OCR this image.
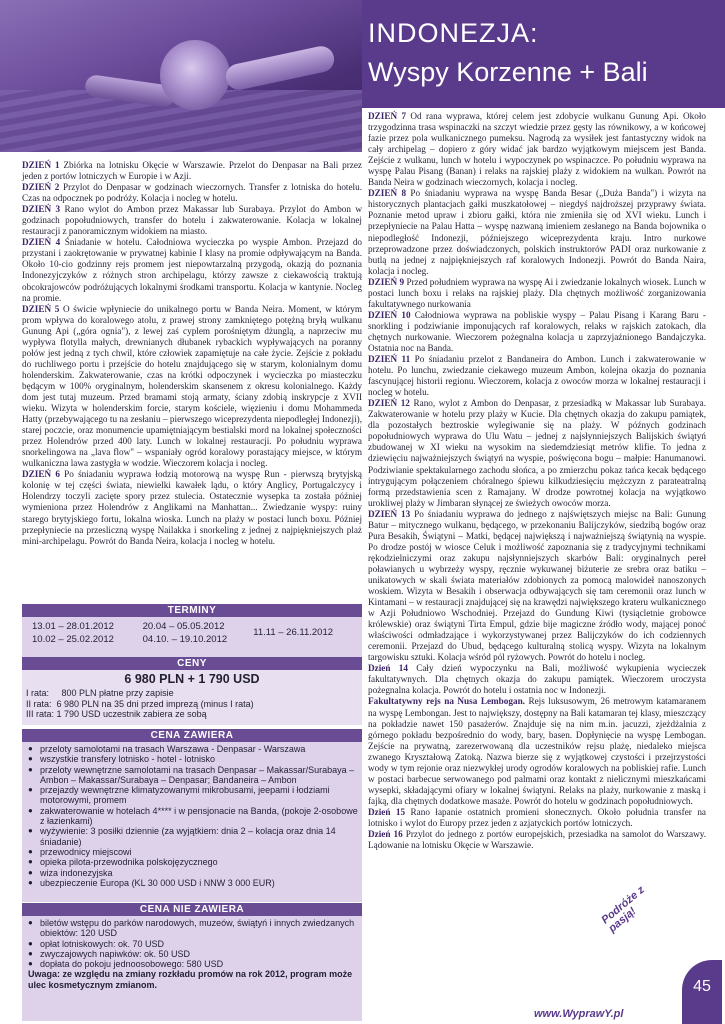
INDONEZJA:
Wyspy Korzenne + Bali

DZIEŃ 1 Zbiórka na lotnisku Okęcie w Warszawie. Przelot do Denpasar na Bali przez jeden z portów lotniczych w Europie i w Azji.

DZIEŃ 2 Przylot do Denpasar w godzinach wieczornych. Transfer z lotniska do hotelu. Czas na odpocznek po podróży. Kolacja i nocleg w hotelu.

DZIEŃ 3 Rano wylot do Ambon przez Makassar lub Surabaya. Przylot do Ambon w godzinach popołudniowych, transfer do hotelu i zakwaterowanie. Kolacja w lokalnej restauracji z panoramicznym widokiem na miasto.

DZIEŃ 4 Śniadanie w hotelu. Całodniowa wycieczka po wyspie Ambon. Przejazd do przystani i zaokrętowanie w prywatnej kabinie I klasy na promie odpływającym na Banda. Około 10-cio godzinny rejs promem jest niepowtarzalną przygodą, okazją do poznania Indonezyjczyków z różnych stron archipelagu, którzy zawsze z ciekawością traktują obcokrajowców podróżujących lokalnymi środkami transportu. Kolacja w kantynie. Nocleg na promie.

DZIEŃ 5 O świcie wpłyniecie do unikalnego portu w Banda Neira. Moment, w którym prom wpływa do koralowego atolu, z prawej strony zamkniętego potężną bryłą wulkanu Gunung Api („góra ognia"), z lewej zaś cyplem porośniętym dżunglą, a naprzeciw mu wypływa flotylla małych, drewnianych dłubanek rybackich wypływających na poranny połów jest jedną z tych chwil, które człowiek zapamiętuje na całe życie. Zejście z pokładu do ruchliwego portu i przejście do hotelu znajdującego się w starym, kolonialnym domu holenderskim. Zakwaterowanie, czas na krótki odpoczynek i wycieczka po miasteczku będącym w 100% oryginalnym, holenderskim skansenem z okresu kolonialnego. Każdy dom jest tutaj muzeum. Przed bramami stoją armaty, ściany zdobią inskrypcje z XVII wieku. Wizyta w holenderskim forcie, starym kościele, więzieniu i domu Mohammeda Hatty (przebywającego tu na zesłaniu – pierwszego wiceprezydenta niepodległej Indonezji), starej poczcie, oraz monumencie upamiętniającym bestialski mord na lokalnej społeczności przez Holendrów przed 400 laty. Lunch w lokalnej restauracji. Po południu wyprawa snorkelingowa na „lava flow" – wspaniały ogród koralowy porastający miejsce, w którym wulkaniczna lawa zastygła w wodzie. Wieczorem kolacja i nocleg.

DZIEŃ 6 Po śniadaniu wyprawa łodzią motorową na wyspę Run - pierwszą brytyjską kolonię w tej części świata, niewielki kawałek lądu, o który Anglicy, Portugalczycy i Holendrzy toczyli zacięte spory przez stulecia. Ostatecznie wysepka ta została później wymieniona przez Holendrów z Anglikami na Manhattan... Zwiedzanie wyspy: ruiny starego brytyjskiego fortu, lokalna wioska. Lunch na plaży w postaci lunch boxu. Później przepłyniecie na przesliczną wyspę Nailakka i snorkeling z jednej z najpiękniejszych plaż mini-archipelagu. Powrót do Banda Neira, kolacja i nocleg w hotelu.

DZIEŃ 7 Od rana wyprawa, której celem jest zdobycie wulkanu Gunung Api. Około trzygodzinna trasa wspinaczki na szczyt wiedzie przez gęsty las równikowy, a w końcowej fazie przez pola wulkanicznego pumeksu. Nagrodą za wysiłek jest fantastyczny widok na cały archipelag – dopiero z góry widać jak bardzo wyjątkowym miejscem jest Banda. Zejście z wulkanu, lunch w hotelu i wypoczynek po wspinaczce. Po południu wyprawa na wyspę Palau Pisang (Banan) i relaks na rajskiej plaży z widokiem na wulkan. Powrót na Banda Neira w godzinach wieczornych, kolacja i nocleg.

DZIEŃ 8 Po śniadaniu wyprawa na wyspę Banda Besar („Duża Banda") i wizyta na historycznych plantacjach gałki muszkatołowej – niegdyś najdroższej przyprawy świata. Poznanie metod upraw i zbioru gałki, która nie zmieniła się od XVI wieku. Lunch i przepłyniecie na Palau Hatta – wyspę nazwaną imieniem zesłanego na Banda bojownika o niepodległość Indonezji, późniejszego wiceprezydenta kraju. Intro nurkowe przeprowadzone przez doświadczonych, polskich instruktorów PADI oraz nurkowanie z butlą na jednej z najpiękniejszych raf koralowych Indonezji. Powrót do Banda Naira, kolacja i nocleg.

DZIEŃ 9 Przed południem wyprawa na wyspę Ai i zwiedzanie lokalnych wiosek. Lunch w postaci lunch boxu i relaks na rajskiej plaży. Dla chętnych możliwość zorganizowania fakultatywnego nurkowania

DZIEŃ 10 Całodniowa wyprawa na pobliskie wyspy – Palau Pisang i Karang Baru - snorkling i podziwianie imponujących raf koralowych, relaks w rajskich zatokach, dla chętnych nurkowanie. Wieczorem pożegnalna kolacja u zaprzyjaźnionego Bandajczyka. Ostatnia noc na Banda.

DZIEŃ 11 Po śniadaniu przelot z Bandaneira do Ambon. Lunch i zakwaterowanie w hotelu. Po lunchu, zwiedzanie ciekawego muzeum Ambon, kolejna okazja do poznania fascynującej historii regionu. Wieczorem, kolacja z owoców morza w lokalnej restauracji i nocleg w hotelu.

DZIEŃ 12 Rano, wylot z Ambon do Denpasar, z przesiadką w Makassar lub Surabaya. Zakwaterowanie w hotelu przy plaży w Kucie. Dla chętnych okazja do zakupu pamiątek, dla pozostałych beztroskie wylegiwanie się na plaży. W późnych godzinach popołudniowych wyprawa do Ulu Watu – jednej z najsłynniejszych Balijskich świątyń zbudowanej w XI wieku na wysokim na siedemdziesiąt metrów klifie. To jedna z dziewięciu najważniejszych świątyń na wyspie, poświęcona bogu – małpie: Hanumanowi. Podziwianie spektakularnego zachodu słońca, a po zmierzchu pokaz tańca kecak będącego intrygującym połączeniem chóralnego śpiewu kilkudziesięciu mężczyzn z parateatralną formą przedstawienia scen z Ramajany. W drodze powrotnej kolacja na wyjątkowo urokliwej plaży w Jimbaran słynącej ze świeżych owoców morza.

DZIEŃ 13 Po śniadaniu wyprawa do jednego z najświętszych miejsc na Bali: Gunung Batur – mitycznego wulkanu, będącego, w przekonaniu Balijczyków, siedzibą bogów oraz Pura Besakih, Świątyni – Matki, będącej największą i najważniejszą świątynią na wyspie. Po drodze postój w wiosce Celuk i możliwość zapoznania się z tradycyjnymi technikami rękodzielniczymi oraz zakupu najsłynniejszych skarbów Bali: oryginalnych pereł poławianych u wybrzeży wyspy, ręcznie wykuwanej biżuterie ze srebra oraz batiku – unikatowych w skali świata materiałów zdobionych za pomocą malowideł nanoszonych woskiem. Wizyta w Besakih i obserwacja odbywających się tam ceremonii oraz lunch w Kintamani – w restauracji znajdującej się na krawędzi największego krateru wulkanicznego w Azji Południowo Wschodniej. Przejazd do Gundung Kiwi (tysiącletnie grobowce królewskie) oraz świątyni Tirta Empul, gdzie bije magiczne źródło wody, mającej ponoć właściwości odmładzające i wykorzystywanej przez Balijczyków do ich codziennych ceremonii. Przejazd do Ubud, będącego kulturalną stolicą wyspy. Wizyta na lokalnym targowisku sztuki. Kolacja wśród pól ryżowych. Powrót do hotelu i nocleg.

Dzień 14 Cały dzień wypoczynku na Bali, możliwość wykupienia wycieczek fakultatywnych. Dla chętnych okazja do zakupu pamiątek. Wieczorem uroczysta pożegnalna kolacja. Powrót do hotelu i ostatnia noc w Indonezji.

Fakultatywny rejs na Nusa Lembogan. Rejs luksusowym, 26 metrowym katamaranem na wyspę Lembongan. Jest to największy, dostępny na Bali katamaran tej klasy, mieszczący na pokładzie nawet 150 pasażerów. Znajduje się na nim m.in. jacuzzi, zjeżdżalnia z górnego pokładu bezpośrednio do wody, bary, basen. Dopłynięcie na wyspę Lembogan. Zejście na prywatną, zarezerwowaną dla uczestników rejsu plażę, niedaleko miejsca zwanego Kryształową Zatoką. Nazwa bierze się z wyjątkowej czystości i przejrzystości wody w tym rejonie oraz niezwykłej urody ogrodów koralowych na pobliskiej rafie. Lunch w postaci barbecue serwowanego pod palmami oraz kontakt z nielicznymi mieszkańcami wysepki, składającymi ofiary w lokalnej świątyni. Relaks na plaży, nurkowanie z maską i fajką, dla chętnych dodatkowe masaże. Powrót do hotelu w godzinach popołudniowych.

Dzień 15 Rano łapanie ostatnich promieni słonecznych. Około południa transfer na lotnisko i wylot do Europy przez jeden z azjatyckich portów lotniczych.

Dzień 16 Przylot do jednego z portów europejskich, przesiadka na samolot do Warszawy. Lądowanie na lotnisku Okęcie w Warszawie.

TERMINY
13.01 – 28.01.2012
10.02 – 25.02.2012
20.04 – 05.05.2012
04.10. – 19.10.2012
11.11 – 26.11.2012
CENY
6 980 PLN + 1 790 USD
I rata:     800 PLN płatne przy zapisie
II rata:  6 980 PLN na 35 dni przed imprezą (minus I rata)
III rata: 1 790 USD uczestnik zabiera ze sobą
CENA ZAWIERA
● przeloty samolotami na trasach Warszawa - Denpasar - Warszawa
● wszystkie transfery lotnisko - hotel - lotnisko
● przeloty wewnętrzne samolotami na trasach Denpasar – Makassar/Surabaya – Ambon – Makassar/Surabaya – Denpasar; Bandaneira – Ambon
● przejazdy wewnętrzne klimatyzowanymi mikrobusami, jeepami i łodziami motorowymi, promem
● zakwaterowanie w hotelach 4**** i w pensjonacie na Banda, (pokoje 2-osobowe z łazienkami)
● wyżywienie: 3 posiłki dziennie (za wyjątkiem: dnia 2 – kolacja oraz dnia 14 śniadanie)
● przewodnicy miejscowi
● opieka pilota-przewodnika polskojęzycznego
● wiza indonezyjska
● ubezpieczenie Europa (KL 30 000 USD i NNW 3 000 EUR)
CENA NIE ZAWIERA
● biletów wstępu do parków narodowych, muzeów, świątyń i innych zwiedzanych obiektów: 120 USD
● opłat lotniskowych: ok. 70 USD
● zwyczajowych napiwków: ok. 50 USD
● dopłata do pokoju jednoosobowego: 580 USD
Uwaga: ze względu na zmiany rozkładu promów na rok 2012, program może ulec kosmetycznym zmianom.
Podróże z pasją!
www.WyprawY.pl
45
